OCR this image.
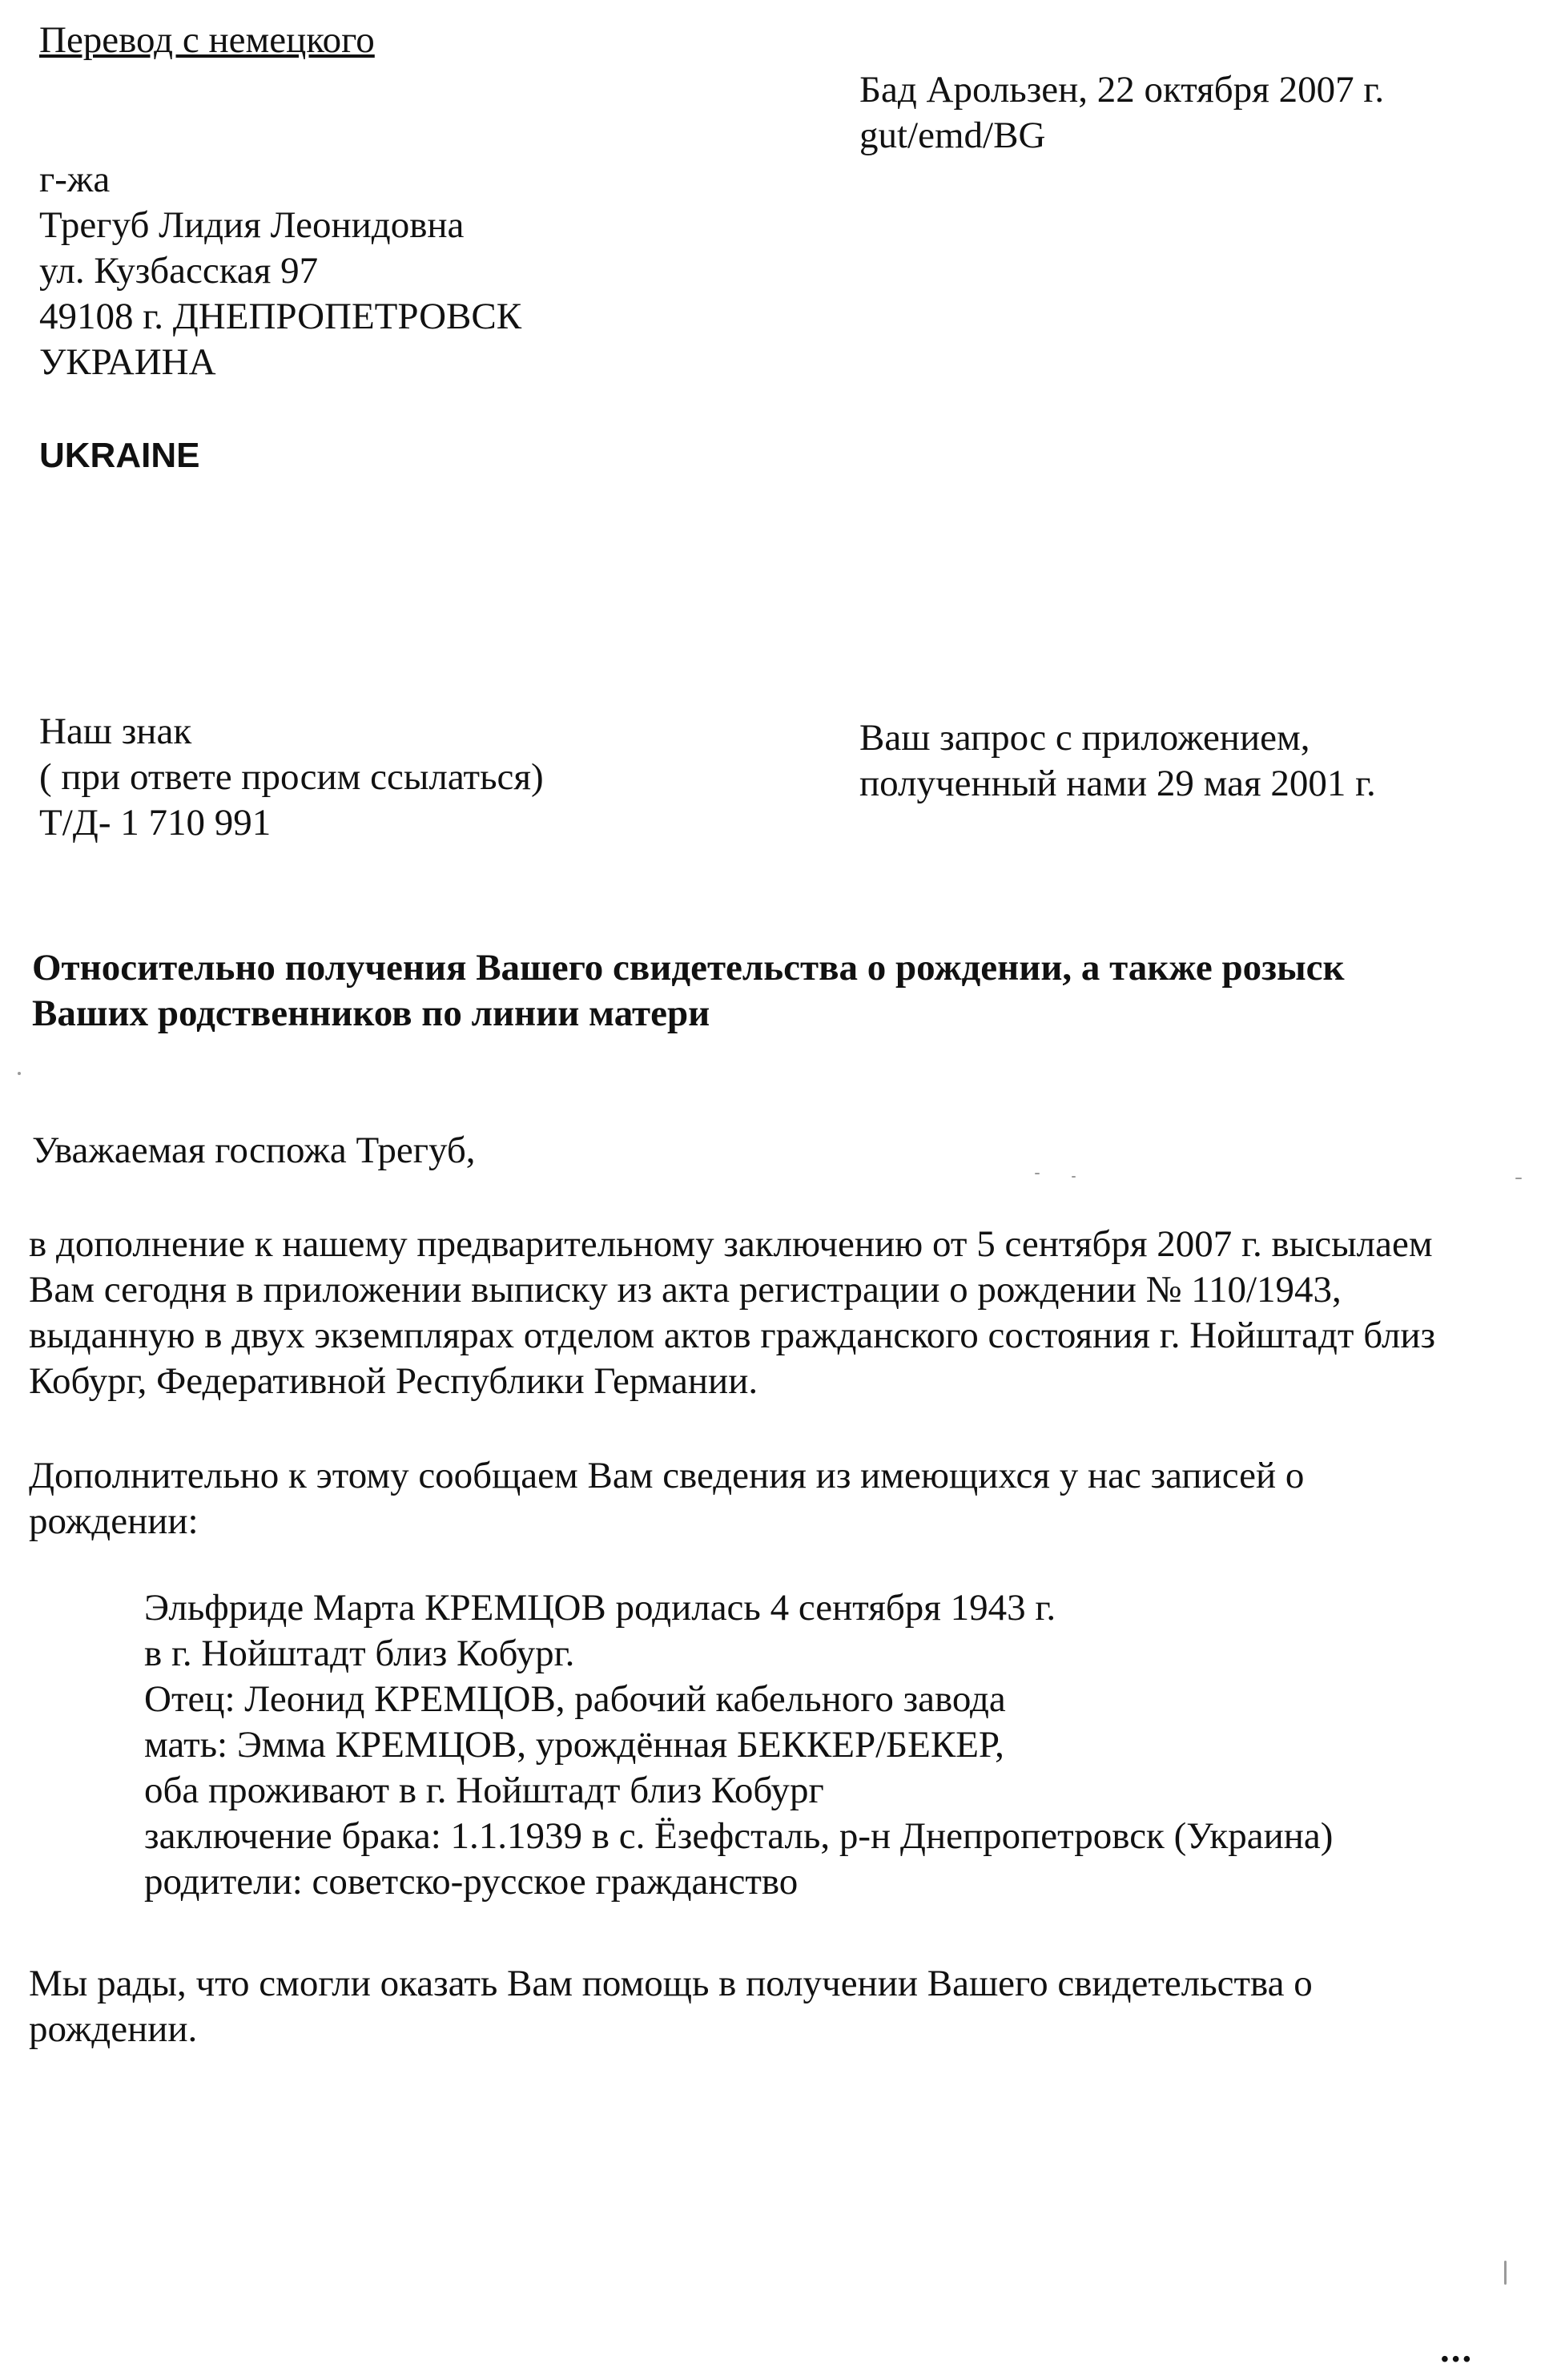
Перевод с немецкого
Бад Арользен, 22 октября 2007 г.
gut/emd/BG
г-жа
Трегуб Лидия Леонидовна
ул. Кузбасская 97
49108 г. ДНЕПРОПЕТРОВСК
УКРАИНА
UKRAINE
Наш знак
( при ответе просим ссылаться)
Т/Д- 1 710 991
Ваш запрос с приложением,
полученный нами 29 мая 2001 г.
Относительно получения Вашего свидетельства о рождении, а также розыск
Ваших родственников по линии матери
Уважаемая госпожа Трегуб,
в дополнение к нашему предварительному заключению от 5 сентября 2007 г. высылаем
Вам сегодня в приложении выписку из акта регистрации о рождении № 110/1943,
выданную в двух экземплярах отделом актов гражданского состояния г. Нойштадт близ
Кобург, Федеративной Республики Германии.
Дополнительно к этому сообщаем Вам сведения из имеющихся у нас записей о
рождении:
Эльфриде Марта КРЕМЦОВ родилась 4 сентября 1943 г.
в г. Нойштадт близ Кобург.
Отец: Леонид КРЕМЦОВ, рабочий кабельного завода
мать: Эмма КРЕМЦОВ, урождённая БЕККЕР/БЕКЕР,
оба проживают в г. Нойштадт близ Кобург
заключение брака: 1.1.1939 в с. Ёзефсталь, р-н Днепропетровск (Украина)
родители: советско-русское гражданство
Мы рады, что смогли оказать Вам помощь в получении Вашего свидетельства о
рождении.
...
